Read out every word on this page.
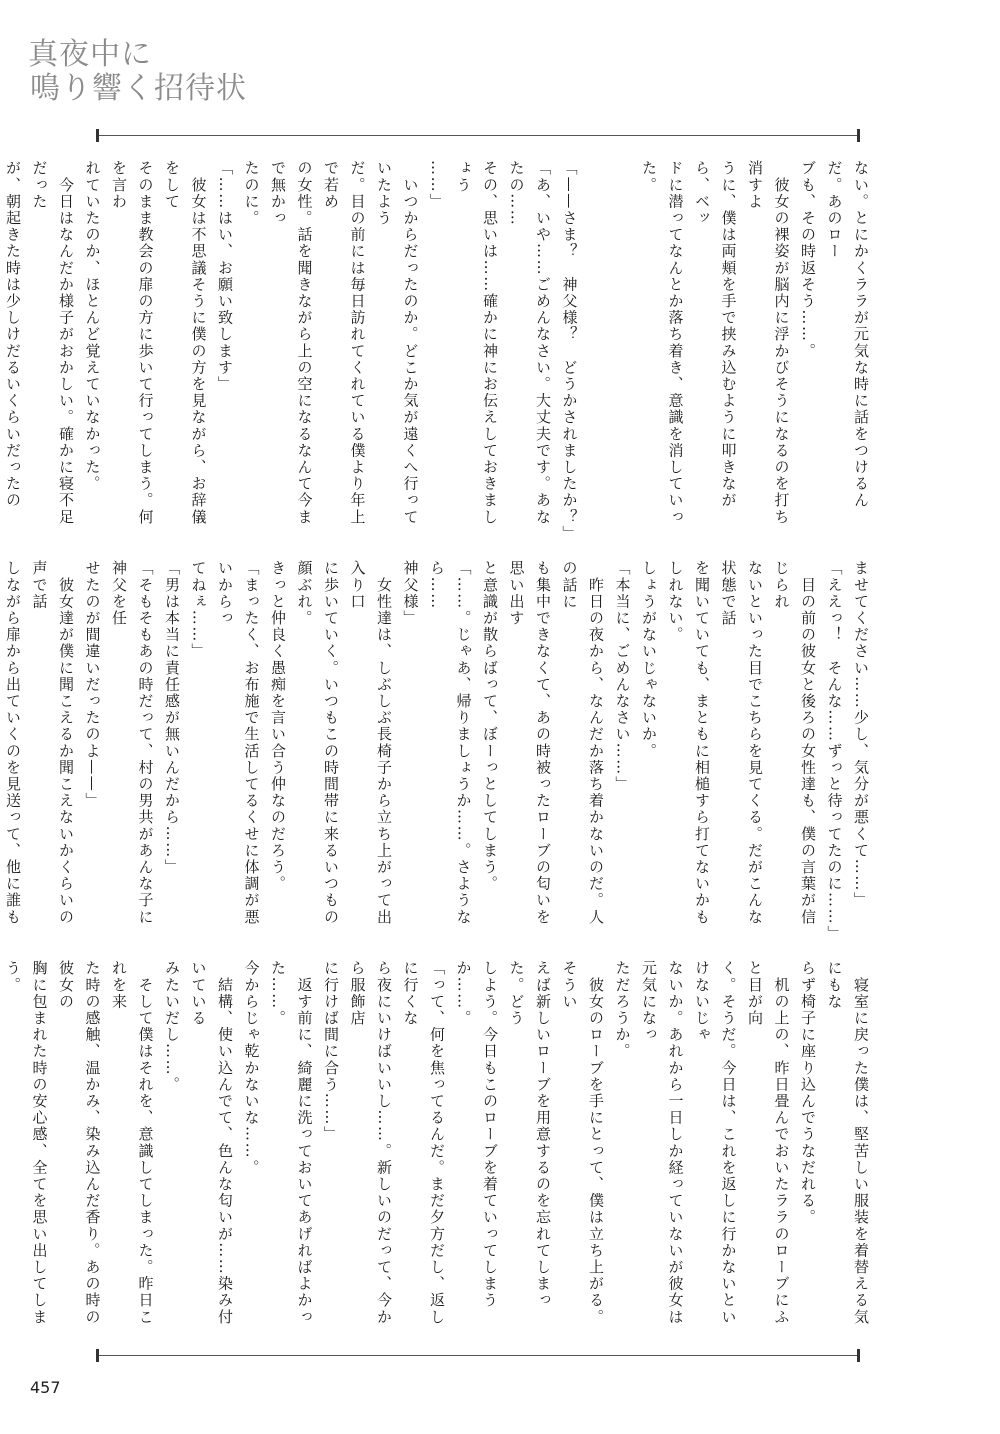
真夜中に
鳴り響く招待状

ない。とにかくララが元気な時に話をつけるんだ。あのロー

ブも、その時返そう……。

　彼女の裸姿が脳内に浮かびそうになるのを打ち消すよ

うに、僕は両頬を手で挟み込むように叩きながら、ベッ

ドに潜ってなんとか落ち着き、意識を消していった。

「——さま？　神父様？　どうかされましたか？」

「あ、いや……ごめんなさい。大丈夫です。あなたの……

その、思いは……確かに神にお伝えしておきましょう

……」

　いつからだったのか。どこか気が遠くへ行っていたよう

だ。目の前には毎日訪れてくれている僕より年上で若め

の女性。話を聞きながら上の空になるなんて今まで無かっ

たのに。

「……はい、お願い致します」

　彼女は不思議そうに僕の方を見ながら、お辞儀をして

そのまま教会の扉の方に歩いて行ってしまう。何を言わ

れていたのか、ほとんど覚えていなかった。

　今日はなんだか様子がおかしい。確かに寝不足だった

が、朝起きた時は少しけだるいくらいだったの

ませてください……少し、気分が悪くて……」

「ええっ！　そんな……ずっと待ってたのに……」

　目の前の彼女と後ろの女性達も、僕の言葉が信じられ

ないといった目でこちらを見てくる。だがこんな状態で話

を聞いていても、まともに相槌すら打てないかもしれない。

しょうがないじゃないか。

「本当に、ごめんなさい……」

　昨日の夜から、なんだか落ち着かないのだ。人の話に

も集中できなくて、あの時被ったローブの匂いを思い出す

と意識が散らばって、ぼーっとしてしまう。

「……。じゃあ、帰りましょうか……。さようなら……

神父様」

　女性達は、しぶしぶ長椅子から立ち上がって出入り口

に歩いていく。いつもこの時間帯に来るいつもの顔ぶれ。

きっと仲良く愚痴を言い合う仲なのだろう。

「まったく、お布施で生活してるくせに体調が悪いからっ

てねぇ……」

「男は本当に責任感が無いんだから……」

「そもそもあの時だって、村の男共があんな子に神父を任

せたのが間違いだったのよ——」

　彼女達が僕に聞こえるか聞こえないかくらいの声で話

しながら扉から出ていくのを見送って、他に誰も

　寝室に戻った僕は、堅苦しい服装を着替える気にもな

らず椅子に座り込んでうなだれる。

　机の上の、昨日畳んでおいたララのローブにふと目が向

く。そうだ。今日は、これを返しに行かないといけないじゃ

ないか。あれから一日しか経っていないが彼女は元気になっ

ただろうか。

　彼女のローブを手にとって、僕は立ち上がる。そうい

えば新しいローブを用意するのを忘れてしまった。どう

しよう。今日もこのローブを着ていってしまうか……。

「って、何を焦ってるんだ。まだ夕方だし、返しに行くな

ら夜にいけばいいし……。新しいのだって、今から服飾店

に行けば間に合う……」

　返す前に、綺麗に洗っておいてあげればよかった……。

今からじゃ乾かないな……。

　結構、使い込んでて、色んな匂いが……染み付いている

みたいだし……。

　そして僕はそれを、意識してしまった。昨日これを来

た時の感触、温かみ、染み込んだ香り。あの時の彼女の

胸に包まれた時の安心感、全てを思い出してしまう。

457
